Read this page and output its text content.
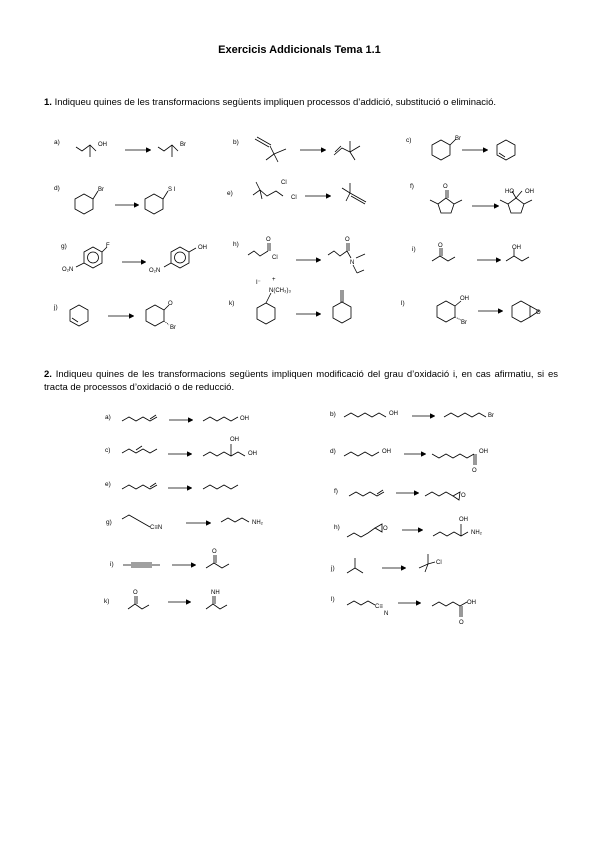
Exercicis Addicionals Tema 1.1
1. Indiqueu quines de les transformacions següents impliquen processos d’addició, substitució o eliminació.
2. Indiqueu quines de les transformacions següents impliquen modificació del grau d’oxidació i, en cas afirmatiu, si es tracta de processos d’oxidació o de reducció.
a)	OH	Br	b)	c)	Br
d)	Br	S I	e)
Cl
Cl
f)	O
HO OH
g)	F
O₂N
OH
O₂N
h)
O
Cl
O
N
i)	O	OH
j)	O
Br
k)
I⁻ +
N(CH₃)₃
l)
OH
Br
O
a)	OH
b)	OH	Br
c)
OH
OH	d)	OH
O
OH
e)
f)
O
g)
C≡N
NH₂
h)	O
OH
NH₂
i)
O
j)
Cl
k)
O	NH
l)
C≡
N
O
OH
